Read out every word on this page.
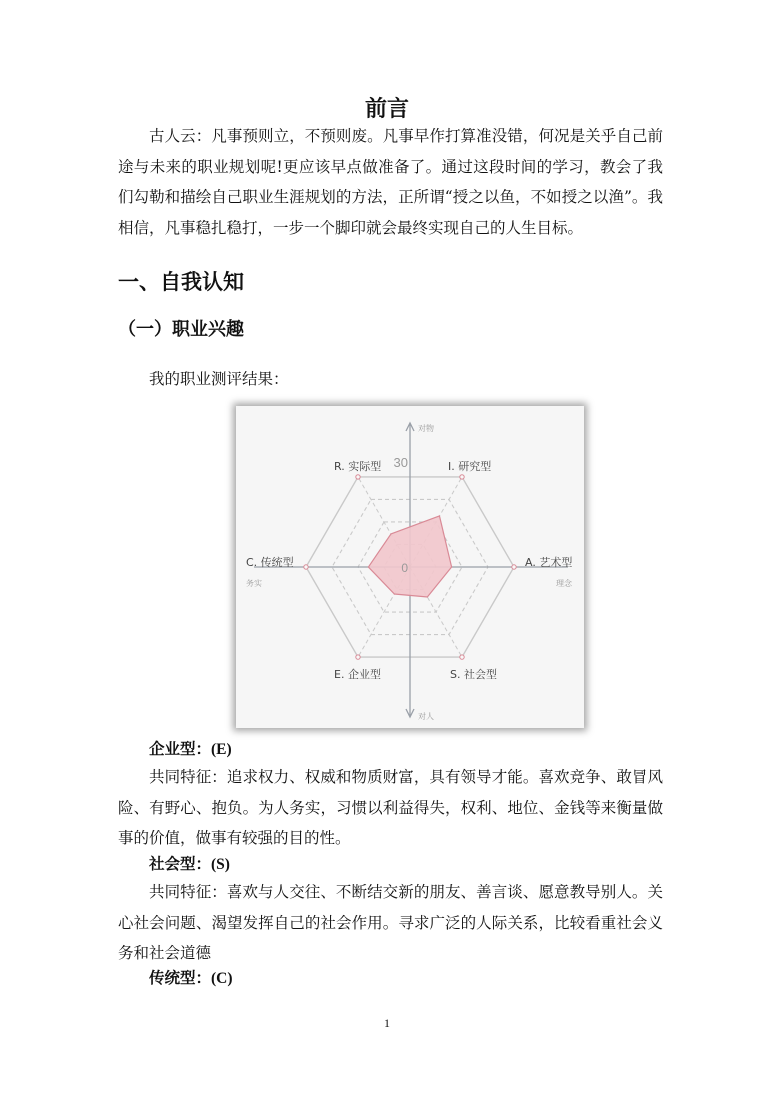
前言

古人云：凡事预则立，不预则废。凡事早作打算准没错，何况是关乎自己前途与未来的职业规划呢!更应该早点做准备了。通过这段时间的学习，教会了我们勾勒和描绘自己职业生涯规划的方法，正所谓“授之以鱼，不如授之以渔”。我相信，凡事稳扎稳打，一步一个脚印就会最终实现自己的人生目标。

一、自我认知
（一）职业兴趣

我的职业测评结果：

0
30
R. 实际型	I. 研究型
A. 艺术型
S. 社会型
E. 企业型
C. 传统型
对物
对人
务实	理念

企业型：(E)

共同特征：追求权力、权威和物质财富，具有领导才能。喜欢竞争、敢冒风险、有野心、抱负。为人务实，习惯以利益得失，权利、地位、金钱等来衡量做事的价值，做事有较强的目的性。

社会型：(S)

共同特征：喜欢与人交往、不断结交新的朋友、善言谈、愿意教导别人。关心社会问题、渴望发挥自己的社会作用。寻求广泛的人际关系，比较看重社会义务和社会道德

传统型：(C)

1
